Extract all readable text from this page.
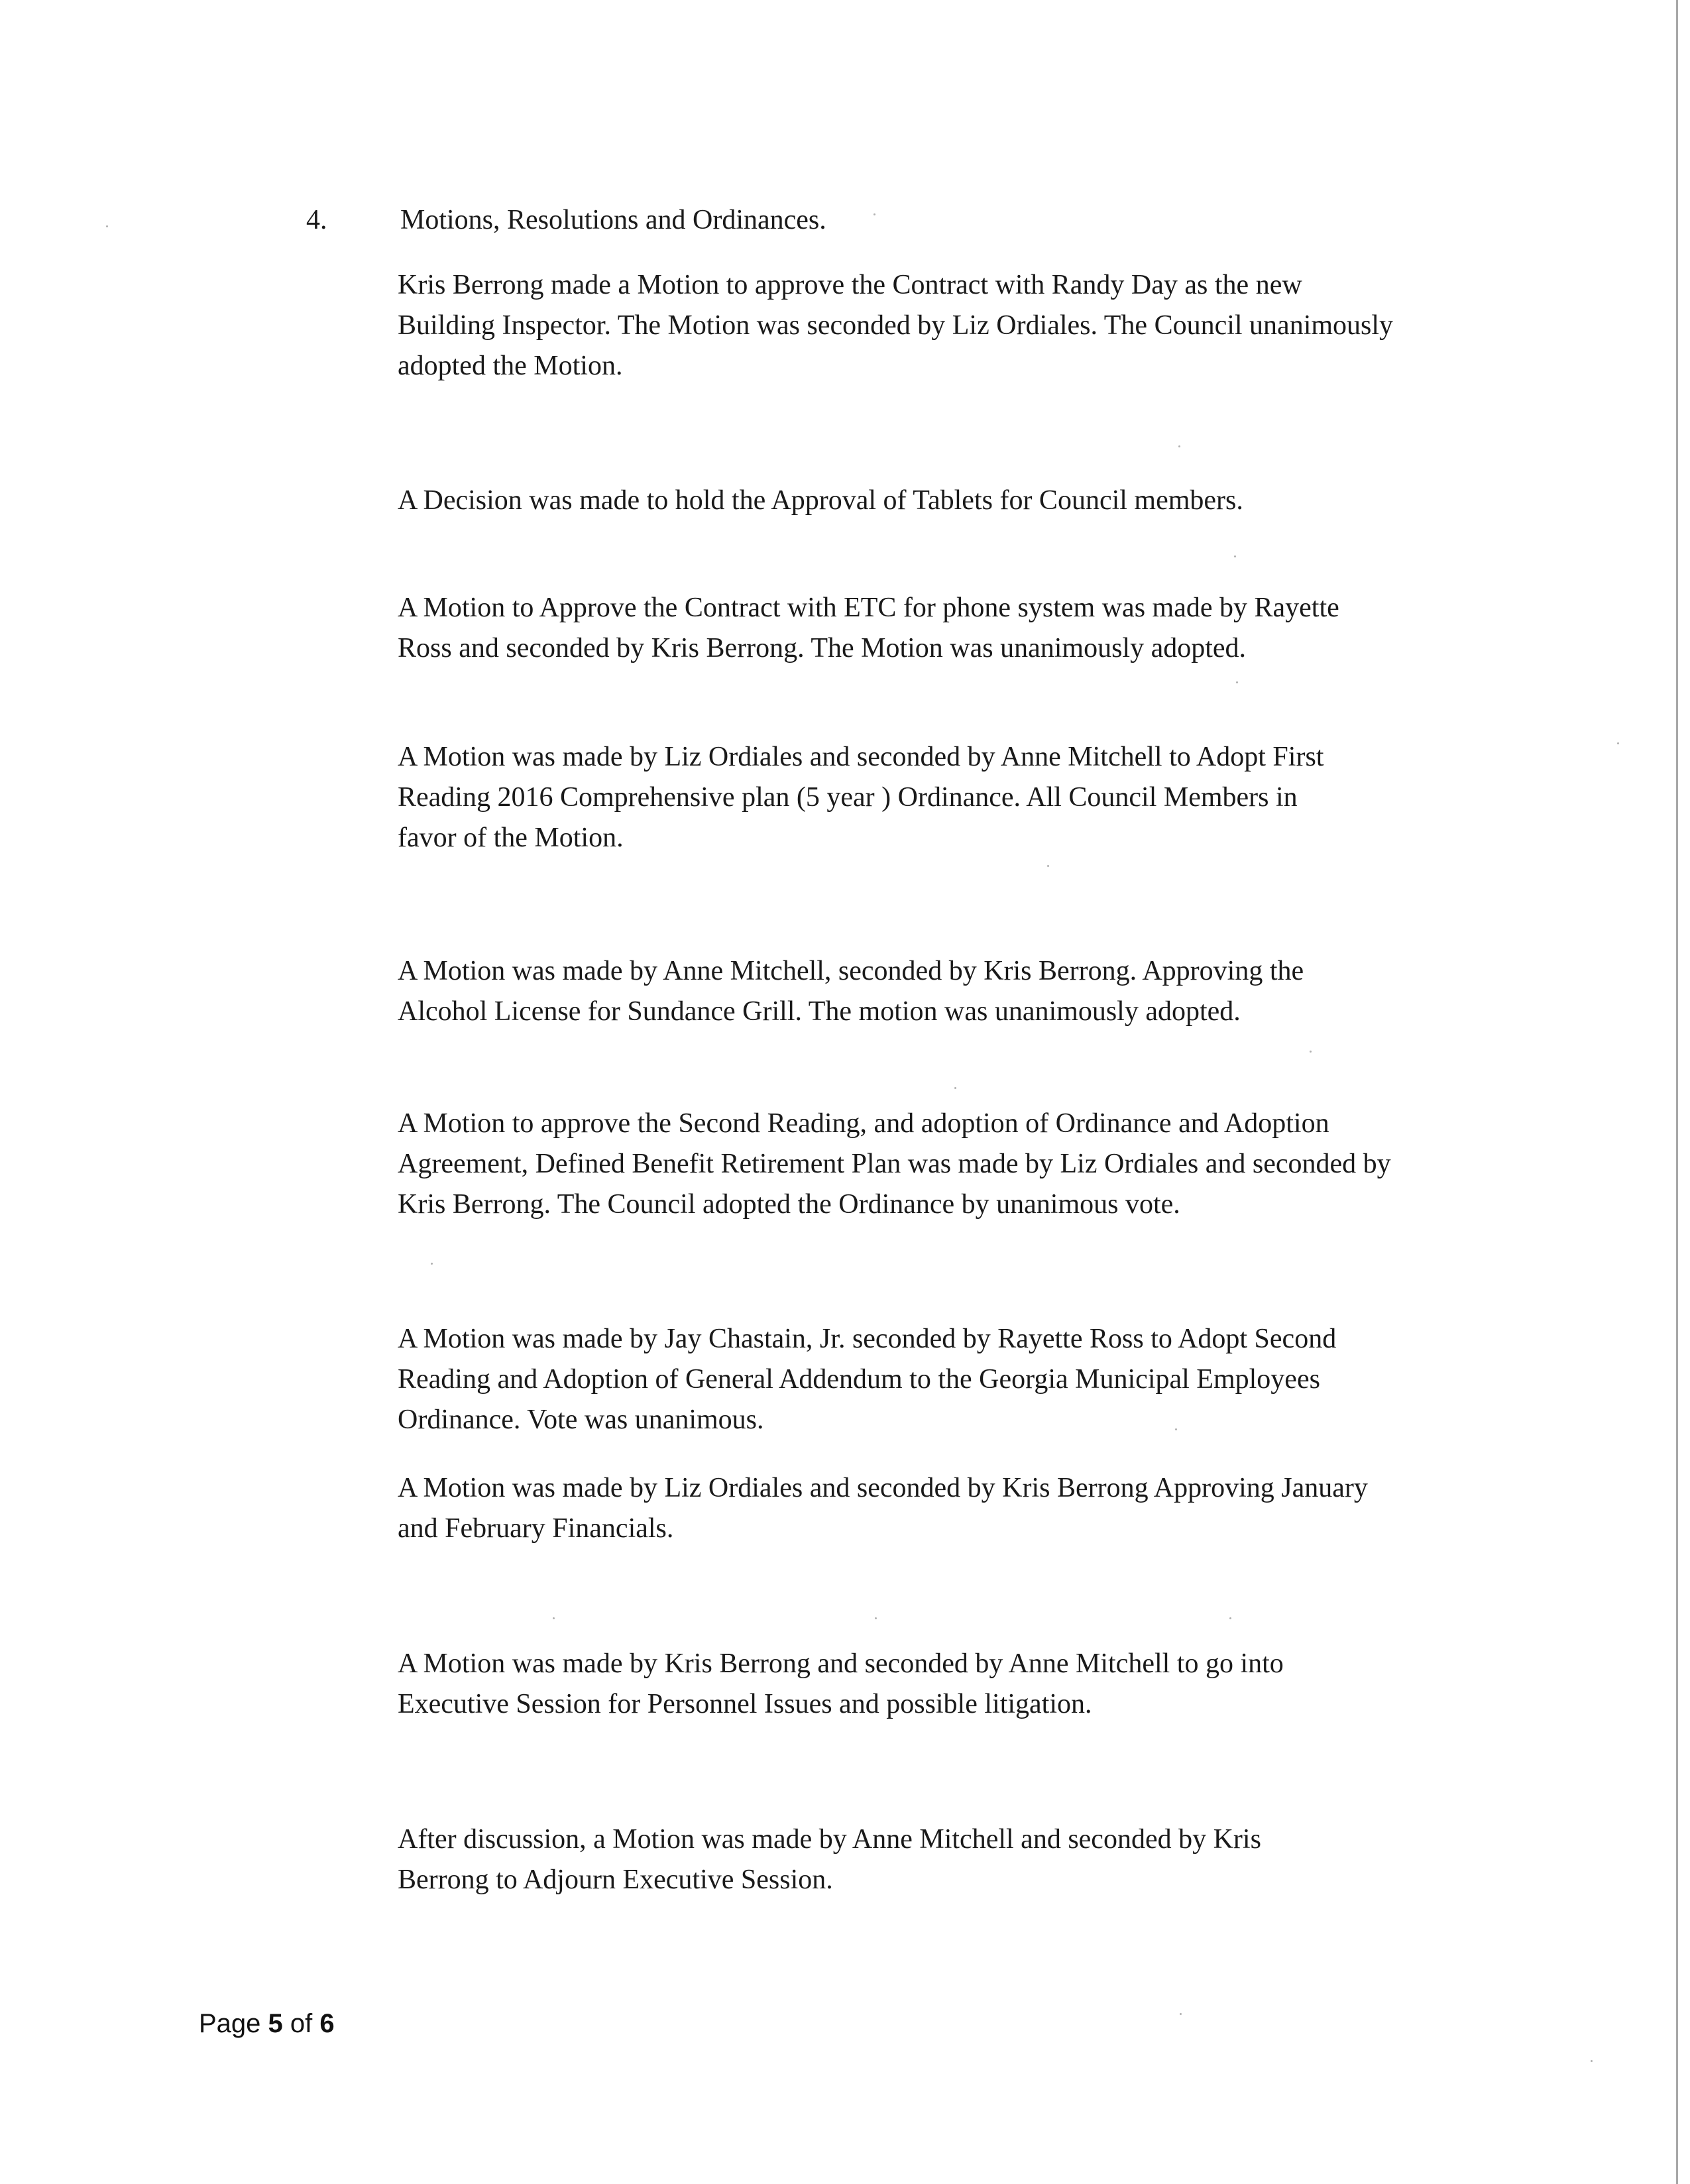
4.	Motions, Resolutions and Ordinances.

Kris Berrong made a Motion to approve the Contract with Randy Day as the new
Building Inspector. The Motion was seconded by Liz Ordiales. The Council unanimously
adopted the Motion.

A Decision was made to hold the Approval of Tablets for Council members.

A Motion to Approve the Contract with ETC for phone system was made by Rayette
Ross and seconded by Kris Berrong. The Motion was unanimously adopted.

A Motion was made by Liz Ordiales and seconded by Anne Mitchell to Adopt First
Reading 2016 Comprehensive plan (5 year ) Ordinance. All Council Members in
favor of the Motion.

A Motion was made by Anne Mitchell, seconded by Kris Berrong. Approving the
Alcohol License for Sundance Grill. The motion was unanimously adopted.

A Motion to approve the Second Reading, and adoption of Ordinance and Adoption
Agreement, Defined Benefit Retirement Plan was made by Liz Ordiales and seconded by
Kris Berrong. The Council adopted the Ordinance by unanimous vote.

A Motion was made by Jay Chastain, Jr. seconded by Rayette Ross to Adopt Second
Reading and Adoption of General Addendum to the Georgia Municipal Employees
Ordinance. Vote was unanimous.

A Motion was made by Liz Ordiales and seconded by Kris Berrong Approving January
and February Financials.

A Motion was made by Kris Berrong and seconded by Anne Mitchell to go into
Executive Session for Personnel Issues and possible litigation.

After discussion, a Motion was made by Anne Mitchell and seconded by Kris
Berrong to Adjourn Executive Session.

Page 5 of 6
